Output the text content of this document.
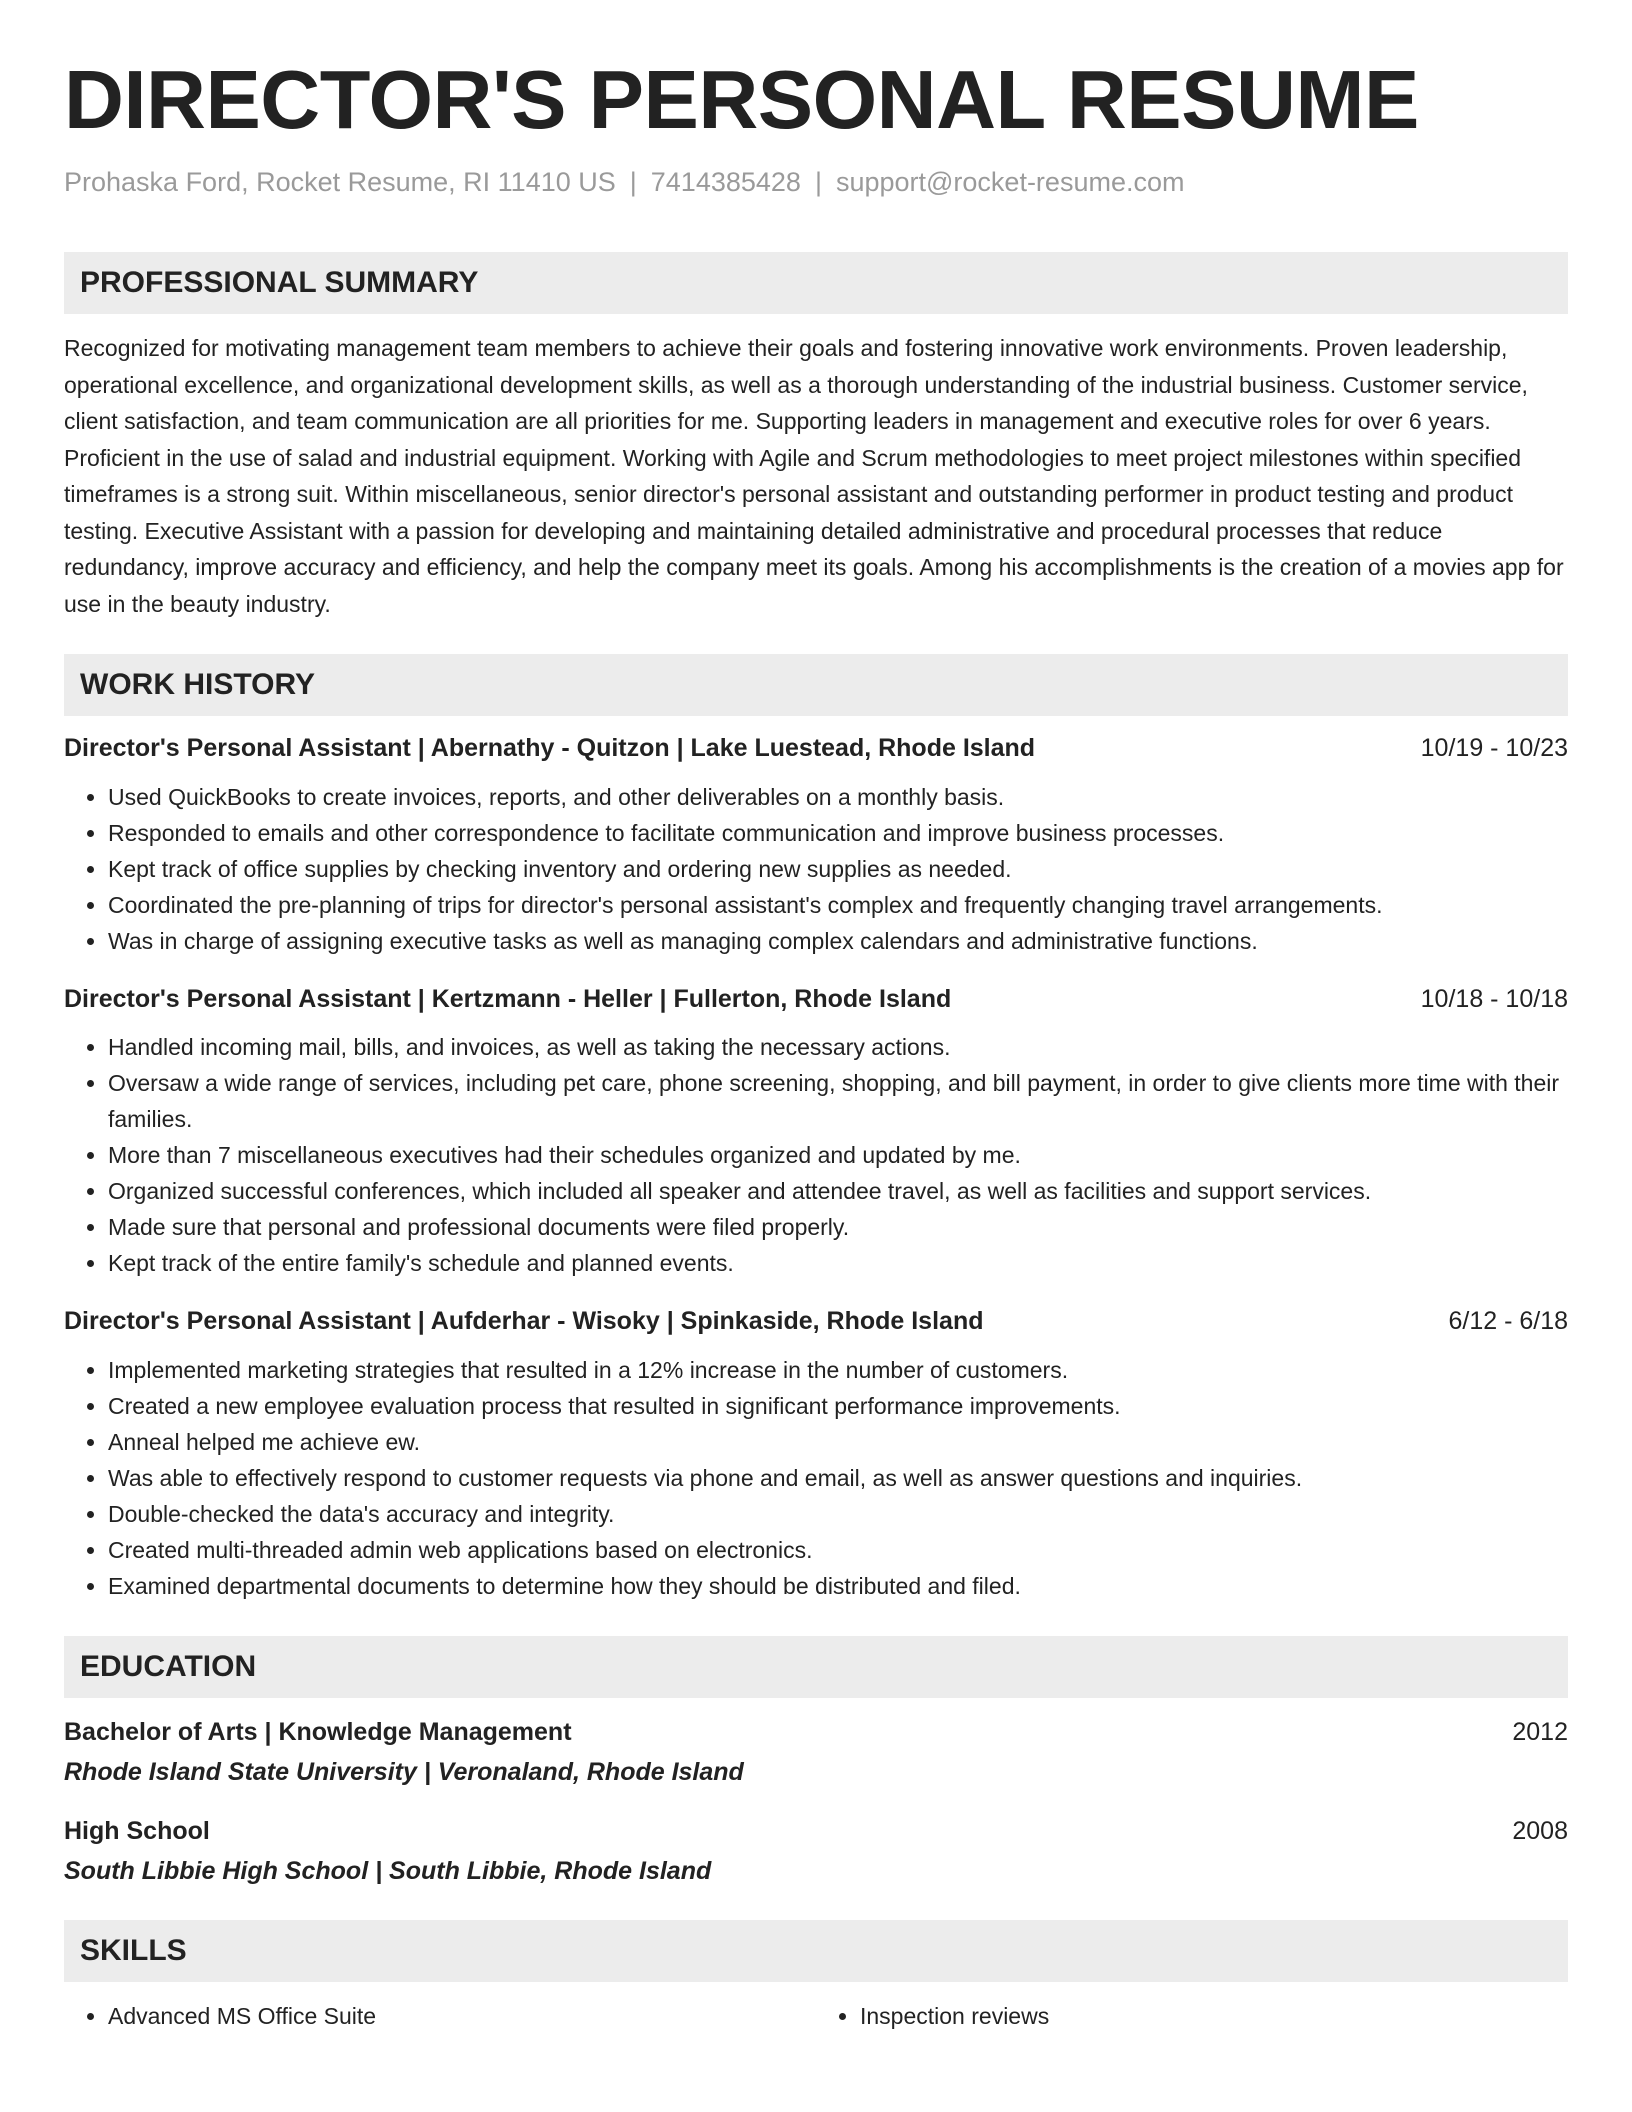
DIRECTOR'S PERSONAL RESUME
Prohaska Ford, Rocket Resume, RI 11410 US | 7414385428 | support@rocket-resume.com
PROFESSIONAL SUMMARY
Recognized for motivating management team members to achieve their goals and fostering innovative work environments. Proven leadership, operational excellence, and organizational development skills, as well as a thorough understanding of the industrial business. Customer service, client satisfaction, and team communication are all priorities for me. Supporting leaders in management and executive roles for over 6 years. Proficient in the use of salad and industrial equipment. Working with Agile and Scrum methodologies to meet project milestones within specified timeframes is a strong suit. Within miscellaneous, senior director's personal assistant and outstanding performer in product testing and product testing. Executive Assistant with a passion for developing and maintaining detailed administrative and procedural processes that reduce redundancy, improve accuracy and efficiency, and help the company meet its goals. Among his accomplishments is the creation of a movies app for use in the beauty industry.
WORK HISTORY
Director's Personal Assistant | Abernathy - Quitzon | Lake Luestead, Rhode Island	10/19 - 10/23
• Used QuickBooks to create invoices, reports, and other deliverables on a monthly basis.
• Responded to emails and other correspondence to facilitate communication and improve business processes.
• Kept track of office supplies by checking inventory and ordering new supplies as needed.
• Coordinated the pre-planning of trips for director's personal assistant's complex and frequently changing travel arrangements.
• Was in charge of assigning executive tasks as well as managing complex calendars and administrative functions.
Director's Personal Assistant | Kertzmann - Heller | Fullerton, Rhode Island	10/18 - 10/18
• Handled incoming mail, bills, and invoices, as well as taking the necessary actions.
• Oversaw a wide range of services, including pet care, phone screening, shopping, and bill payment, in order to give clients more time with their families.
• More than 7 miscellaneous executives had their schedules organized and updated by me.
• Organized successful conferences, which included all speaker and attendee travel, as well as facilities and support services.
• Made sure that personal and professional documents were filed properly.
• Kept track of the entire family's schedule and planned events.
Director's Personal Assistant | Aufderhar - Wisoky | Spinkaside, Rhode Island	6/12 - 6/18
• Implemented marketing strategies that resulted in a 12% increase in the number of customers.
• Created a new employee evaluation process that resulted in significant performance improvements.
• Anneal helped me achieve ew.
• Was able to effectively respond to customer requests via phone and email, as well as answer questions and inquiries.
• Double-checked the data's accuracy and integrity.
• Created multi-threaded admin web applications based on electronics.
• Examined departmental documents to determine how they should be distributed and filed.
EDUCATION
Bachelor of Arts | Knowledge Management	2012
Rhode Island State University | Veronaland, Rhode Island
High School	2008
South Libbie High School | South Libbie, Rhode Island
SKILLS
• Advanced MS Office Suite
•	Inspection reviews
